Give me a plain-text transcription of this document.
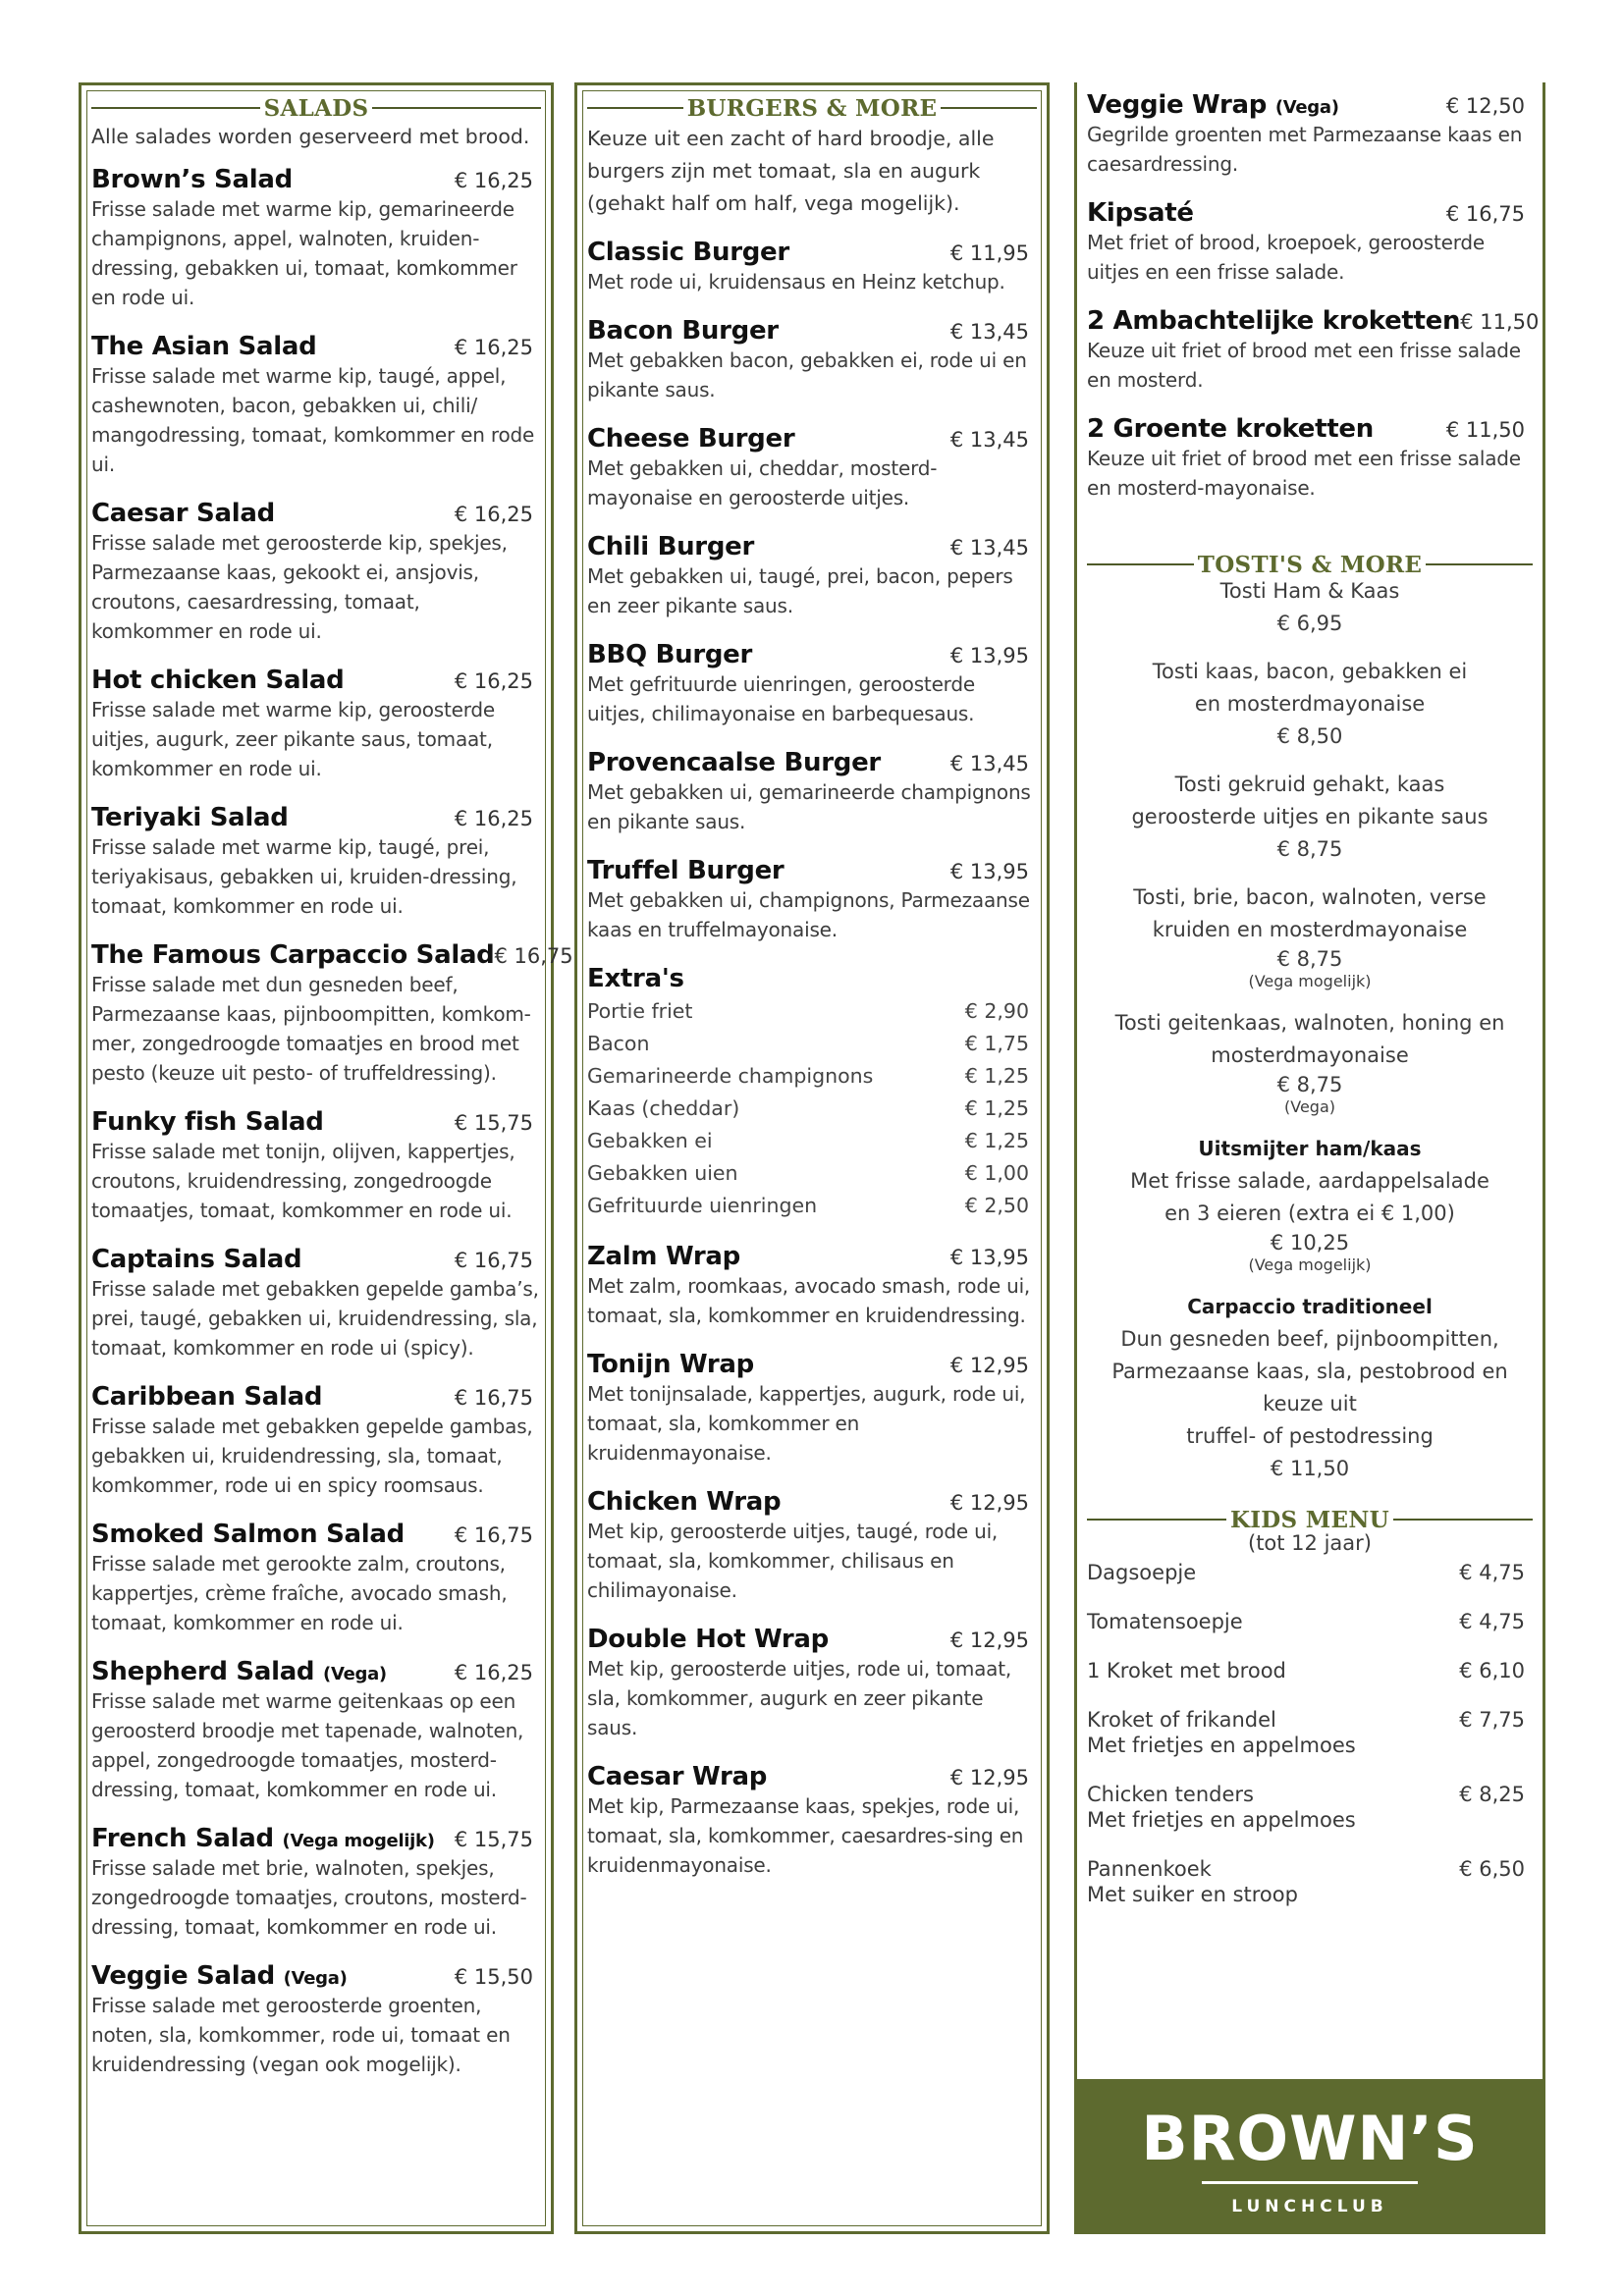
SALADS
Alle salades worden geserveerd met brood.
Brown’s Salad	€ 16,25
Frisse salade met warme kip, gemarineerde champignons, appel, walnoten, kruiden-dressing, gebakken ui, tomaat, komkommer en rode ui.
The Asian Salad	€ 16,25
Frisse salade met warme kip, taugé, appel, cashewnoten, bacon, gebakken ui, chili/ mangodressing, tomaat, komkommer en rode ui.
Caesar Salad	€ 16,25
Frisse salade met geroosterde kip, spekjes, Parmezaanse kaas, gekookt ei, ansjovis, croutons, caesardressing, tomaat, komkommer en rode ui.
Hot chicken Salad	€ 16,25
Frisse salade met warme kip, geroosterde uitjes, augurk, zeer pikante saus, tomaat, komkommer en rode ui.
Teriyaki Salad	€ 16,25
Frisse salade met warme kip, taugé, prei, teriyakisaus, gebakken ui, kruiden-dressing, tomaat, komkommer en rode ui.
The Famous Carpaccio Salad € 16,75
Frisse salade met dun gesneden beef, Parmezaanse kaas, pijnboompitten, komkom-mer, zongedroogde tomaatjes en brood met pesto (keuze uit pesto- of truffeldressing).
Funky fish Salad	€ 15,75
Frisse salade met tonijn, olijven, kappertjes, croutons, kruidendressing, zongedroogde tomaatjes, tomaat, komkommer en rode ui.
Captains Salad	€ 16,75
Frisse salade met gebakken gepelde gamba’s, prei, taugé, gebakken ui, kruidendressing, sla, tomaat, komkommer en rode ui (spicy).
Caribbean Salad	€ 16,75
Frisse salade met gebakken gepelde gambas, gebakken ui, kruidendressing, sla, tomaat, komkommer, rode ui en spicy roomsaus.
Smoked Salmon Salad € 16,75
Frisse salade met gerookte zalm, croutons, kappertjes, crème fraîche, avocado smash, tomaat, komkommer en rode ui.
Shepherd Salad (Vega)	€ 16,25
Frisse salade met warme geitenkaas op een geroosterd broodje met tapenade, walnoten, appel, zongedroogde tomaatjes, mosterd-dressing, tomaat, komkommer en rode ui.
French Salad (Vega mogelijk) € 15,75
Frisse salade met brie, walnoten, spekjes, zongedroogde tomaatjes, croutons, mosterd-dressing, tomaat, komkommer en rode ui.
Veggie Salad (Vega)	€ 15,50
Frisse salade met geroosterde groenten, noten, sla, komkommer, rode ui, tomaat en kruidendressing (vegan ook mogelijk).
BURGERS & MORE
Keuze uit een zacht of hard broodje, alle burgers zijn met tomaat, sla en augurk (gehakt half om half, vega mogelijk).
Classic Burger	€ 11,95
Met rode ui, kruidensaus en Heinz ketchup.
Bacon Burger	€ 13,45
Met gebakken bacon, gebakken ei, rode ui en pikante saus.
Cheese Burger	€ 13,45
Met gebakken ui, cheddar, mosterd-mayonaise en geroosterde uitjes.
Chili Burger	€ 13,45
Met gebakken ui, taugé, prei, bacon, pepers en zeer pikante saus.
BBQ Burger	€ 13,95
Met gefrituurde uienringen, geroosterde uitjes, chilimayonaise en barbequesaus.
Provencaalse Burger	€ 13,45
Met gebakken ui, gemarineerde champignons en pikante saus.
Truffel Burger	€ 13,95
Met gebakken ui, champignons, Parmezaanse kaas en truffelmayonaise.
Extra's
Portie friet	€ 2,90
Bacon	€ 1,75
Gemarineerde champignons	€ 1,25
Kaas (cheddar)	€ 1,25
Gebakken ei	€ 1,25
Gebakken uien	€ 1,00
Gefrituurde uienringen	€ 2,50
Zalm Wrap	€ 13,95
Met zalm, roomkaas, avocado smash, rode ui, tomaat, sla, komkommer en kruidendressing.
Tonijn Wrap	€ 12,95
Met tonijnsalade, kappertjes, augurk, rode ui, tomaat, sla, komkommer en kruidenmayonaise.
Chicken Wrap	€ 12,95
Met kip, geroosterde uitjes, taugé, rode ui, tomaat, sla, komkommer, chilisaus en chilimayonaise.
Double Hot Wrap	€ 12,95
Met kip, geroosterde uitjes, rode ui, tomaat, sla, komkommer, augurk en zeer pikante saus.
Caesar Wrap	€ 12,95
Met kip, Parmezaanse kaas, spekjes, rode ui, tomaat, sla, komkommer, caesardres-sing en kruidenmayonaise.
Veggie Wrap (Vega)	€ 12,50
Gegrilde groenten met Parmezaanse kaas en caesardressing.
Kipsaté	€ 16,75
Met friet of brood, kroepoek, geroosterde uitjes en een frisse salade.
2 Ambachtelijke kroketten € 11,50
Keuze uit friet of brood met een frisse salade en mosterd.
2 Groente kroketten	€ 11,50
Keuze uit friet of brood met een frisse salade en mosterd-mayonaise.
TOSTI'S & MORE
Tosti Ham & Kaas
€ 6,95
Tosti kaas, bacon, gebakken ei
en mosterdmayonaise
€ 8,50
Tosti gekruid gehakt, kaas
geroosterde uitjes en pikante saus
€ 8,75
Tosti, brie, bacon, walnoten, verse
kruiden en mosterdmayonaise
€ 8,75
(Vega mogelijk)
Tosti geitenkaas, walnoten, honing en
mosterdmayonaise
€ 8,75
(Vega)
Uitsmijter ham/kaas
Met frisse salade, aardappelsalade
en 3 eieren (extra ei € 1,00)
€ 10,25
(Vega mogelijk)
Carpaccio traditioneel
Dun gesneden beef, pijnboompitten,
Parmezaanse kaas, sla, pestobrood en
keuze uit
truffel- of pestodressing
€ 11,50
KIDS MENU
(tot 12 jaar)
Dagsoepje	€ 4,75
Tomatensoepje	€ 4,75
1 Kroket met brood	€ 6,10
Kroket of frikandel	€ 7,75
Met frietjes en appelmoes
Chicken tenders	€ 8,25
Met frietjes en appelmoes
Pannenkoek	€ 6,50
Met suiker en stroop
BROWN’S
LUNCHCLUB
